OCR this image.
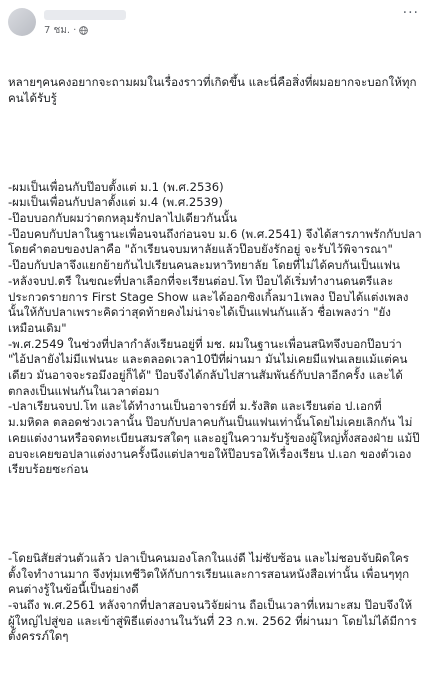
7 ชม. ·
···

หลายๆคนคงอยากจะถามผมในเรื่องราวที่เกิดขึ้น และนี่คือสิ่งที่ผมอยากจะบอกให้ทุกคนได้รับรู้

-ผมเป็นเพื่อนกับป๊อบตั้งแต่ ม.1 (พ.ศ.2536)
-ผมเป็นเพื่อนกับปลาตั้งแต่ ม.4 (พ.ศ.2539)
-ป๊อบบอกกับผมว่าตกหลุมรักปลาไปเดียวกันนั้น
-ป๊อบคบกับปลาในฐานะเพื่อนจนถึงก่อนจบ ม.6 (พ.ศ.2541) จึงได้สารภาพรักกับปลา โดยคำตอบของปลาคือ "ถ้าเรียนจบมหาลัยแล้วป๊อบยังรักอยู่ จะรับไว้พิจารณา"
-ป๊อบกับปลาจึงแยกย้ายกันไปเรียนคนละมหาวิทยาลัย โดยที่ไม่ได้คบกันเป็นแฟน
-หลังจบป.ตรี ในขณะที่ปลาเลือกที่จะเรียนต่อป.โท ป๊อบได้เริ่มทำงานดนตรีและประกวดรายการ First Stage Show และได้ออกซิงเกิ้ลมา1เพลง ป๊อบได้แต่งเพลงนั้นให้กับปลาเพราะคิดว่าสุดท้ายคงไม่น่าจะได้เป็นแฟนกันแล้ว ชื่อเพลงว่า "ยังเหมือนเดิม"
-พ.ศ.2549 ในช่วงที่ปลากำลังเรียนอยู่ที่ มช. ผมในฐานะเพื่อนสนิทจึงบอกป๊อบว่า "ไอ้ปลายังไม่มีแฟนนะ และตลอดเวลา10ปีที่ผ่านมา มันไม่เคยมีแฟนเลยแม้แต่คนเดียว มันอาจจะรอมึงอยู่ก็ได้" ป๊อบจึงได้กลับไปสานสัมพันธ์กับปลาอีกครั้ง และได้ตกลงเป็นแฟนกันในเวลาต่อมา
-ปลาเรียนจบป.โท และได้ทำงานเป็นอาจารย์ที่ ม.รังสิต และเรียนต่อ ป.เอกที่ ม.มหิดล ตลอดช่วงเวลานั้น ป๊อบกับปลาคบกันเป็นแฟนเท่านั้นโดยไม่เคยเลิกกัน ไม่เคยแต่งงานหรือจดทะเบียนสมรสใดๆ และอยู่ในความรับรู้ของผู้ใหญ่ทั้งสองฝ่าย แม้ป๊อบจะเคยขอปลาแต่งงานครั้งนึงแต่ปลาขอให้ป๊อบรอให้เรื่องเรียน ป.เอก ของตัวเองเรียบร้อยซะก่อน

-โดยนิสัยส่วนตัวแล้ว ปลาเป็นคนมองโลกในแง่ดี ไม่ซับซ้อน และไม่ชอบจับผิดใคร ตั้งใจทำงานมาก จึงทุ่มเทชีวิตให้กับการเรียนและการสอนหนังสือเท่านั้น เพื่อนๆทุกคนต่างรู้ในข้อนี้เป็นอย่างดี
-จนถึง พ.ศ.2561 หลังจากที่ปลาสอบจนวิจัยผ่าน ถือเป็นเวลาที่เหมาะสม ป๊อบจึงให้ผู้ใหญ่ไปสู่ขอ และเข้าสู่พิธีแต่งงานในวันที่ 23 ก.พ. 2562 ที่ผ่านมา โดยไม่ได้มีการตั้งครรภ์ใดๆ
